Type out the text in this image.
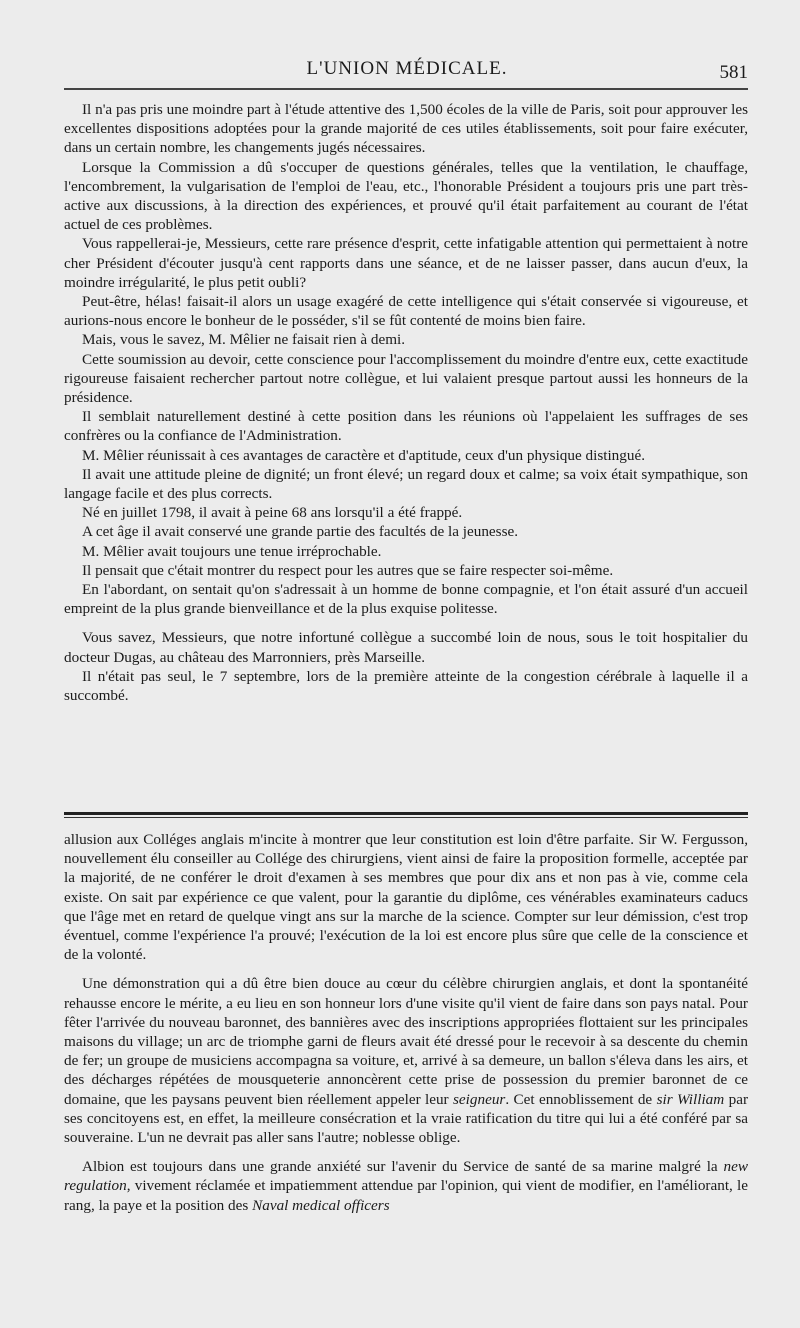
L'UNION MÉDICALE.	581

Il n'a pas pris une moindre part à l'étude attentive des 1,500 écoles de la ville de Paris, soit pour approuver les excellentes dispositions adoptées pour la grande majorité de ces utiles établissements, soit pour faire exécuter, dans un certain nombre, les changements jugés nécessaires.

Lorsque la Commission a dû s'occuper de questions générales, telles que la ventilation, le chauffage, l'encombrement, la vulgarisation de l'emploi de l'eau, etc., l'honorable Président a toujours pris une part très-active aux discussions, à la direction des expériences, et prouvé qu'il était parfaitement au courant de l'état actuel de ces problèmes.

Vous rappellerai-je, Messieurs, cette rare présence d'esprit, cette infatigable attention qui permettaient à notre cher Président d'écouter jusqu'à cent rapports dans une séance, et de ne laisser passer, dans aucun d'eux, la moindre irrégularité, le plus petit oubli?

Peut-être, hélas! faisait-il alors un usage exagéré de cette intelligence qui s'était conservée si vigoureuse, et aurions-nous encore le bonheur de le posséder, s'il se fût contenté de moins bien faire.

Mais, vous le savez, M. Mêlier ne faisait rien à demi.

Cette soumission au devoir, cette conscience pour l'accomplissement du moindre d'entre eux, cette exactitude rigoureuse faisaient rechercher partout notre collègue, et lui valaient presque partout aussi les honneurs de la présidence.

Il semblait naturellement destiné à cette position dans les réunions où l'appelaient les suffrages de ses confrères ou la confiance de l'Administration.

M. Mêlier réunissait à ces avantages de caractère et d'aptitude, ceux d'un physique distingué.

Il avait une attitude pleine de dignité; un front élevé; un regard doux et calme; sa voix était sympathique, son langage facile et des plus corrects.

Né en juillet 1798, il avait à peine 68 ans lorsqu'il a été frappé.

A cet âge il avait conservé une grande partie des facultés de la jeunesse.

M. Mêlier avait toujours une tenue irréprochable.

Il pensait que c'était montrer du respect pour les autres que se faire respecter soi-même.

En l'abordant, on sentait qu'on s'adressait à un homme de bonne compagnie, et l'on était assuré d'un accueil empreint de la plus grande bienveillance et de la plus exquise politesse.

Vous savez, Messieurs, que notre infortuné collègue a succombé loin de nous, sous le toit hospitalier du docteur Dugas, au château des Marronniers, près Marseille.

Il n'était pas seul, le 7 septembre, lors de la première atteinte de la congestion cérébrale à laquelle il a succombé.

allusion aux Colléges anglais m'incite à montrer que leur constitution est loin d'être parfaite. Sir W. Fergusson, nouvellement élu conseiller au Collége des chirurgiens, vient ainsi de faire la proposition formelle, acceptée par la majorité, de ne conférer le droit d'examen à ses membres que pour dix ans et non pas à vie, comme cela existe. On sait par expérience ce que valent, pour la garantie du diplôme, ces vénérables examinateurs caducs que l'âge met en retard de quelque vingt ans sur la marche de la science. Compter sur leur démission, c'est trop éventuel, comme l'expérience l'a prouvé; l'exécution de la loi est encore plus sûre que celle de la conscience et de la volonté.

Une démonstration qui a dû être bien douce au cœur du célèbre chirurgien anglais, et dont la spontanéité rehausse encore le mérite, a eu lieu en son honneur lors d'une visite qu'il vient de faire dans son pays natal. Pour fêter l'arrivée du nouveau baronnet, des bannières avec des inscriptions appropriées flottaient sur les principales maisons du village; un arc de triomphe garni de fleurs avait été dressé pour le recevoir à sa descente du chemin de fer; un groupe de musiciens accompagna sa voiture, et, arrivé à sa demeure, un ballon s'éleva dans les airs, et des décharges répétées de mousqueterie annoncèrent cette prise de possession du premier baronnet de ce domaine, que les paysans peuvent bien réellement appeler leur seigneur. Cet ennoblissement de sir William par ses concitoyens est, en effet, la meilleure consécration et la vraie ratification du titre qui lui a été conféré par sa souveraine. L'un ne devrait pas aller sans l'autre; noblesse oblige.

Albion est toujours dans une grande anxiété sur l'avenir du Service de santé de sa marine malgré la new regulation, vivement réclamée et impatiemment attendue par l'opinion, qui vient de modifier, en l'améliorant, le rang, la paye et la position des Naval medical officers
